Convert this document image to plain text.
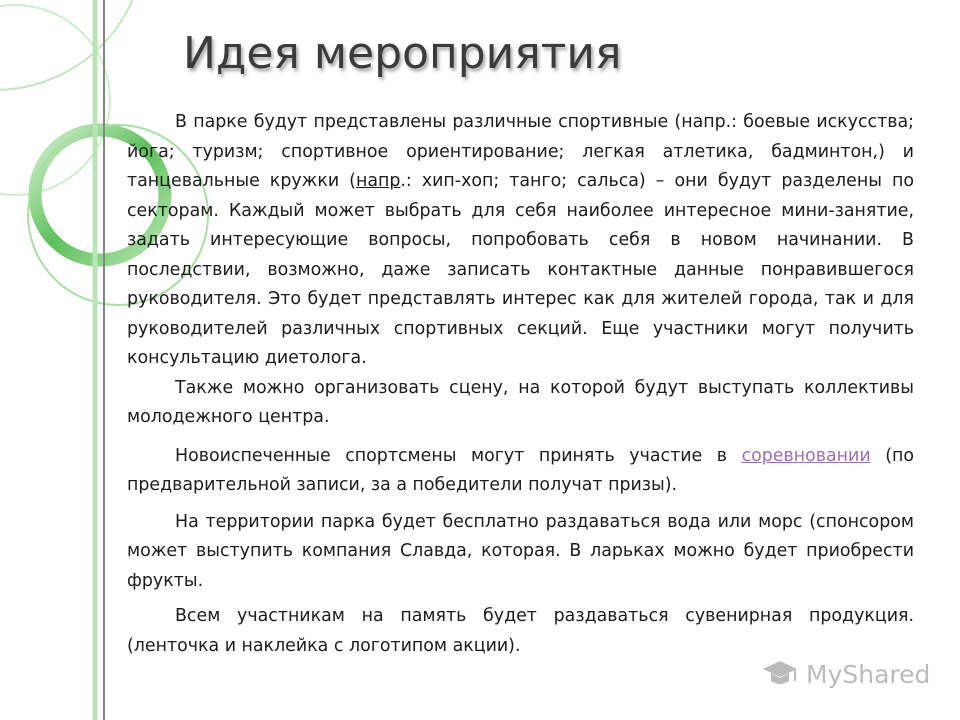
Идея мероприятия

В парке будут представлены различные спортивные (напр.: боевые искусства; йога; туризм; спортивное ориентирование; легкая атлетика, бадминтон,) и танцевальные кружки (напр.: хип-хоп; танго; сальса) – они будут разделены по секторам. Каждый может выбрать для себя наиболее интересное мини-занятие, задать интересующие вопросы, попробовать себя в новом начинании. В последствии, возможно, даже записать контактные данные понравившегося руководителя. Это будет представлять интерес как для жителей города, так и для руководителей различных спортивных секций. Еще участники могут получить консультацию диетолога.

Также можно организовать сцену, на которой будут выступать коллективы молодежного центра.

Новоиспеченные спортсмены могут принять участие в соревновании (по предварительной записи, за а победители получат призы).

На территории парка будет бесплатно раздаваться вода или морс (спонсором может выступить компания Славда, которая. В ларьках можно будет приобрести фрукты.

Всем участникам на память будет раздаваться сувенирная продукция. (ленточка и наклейка с логотипом акции).

MyShared
